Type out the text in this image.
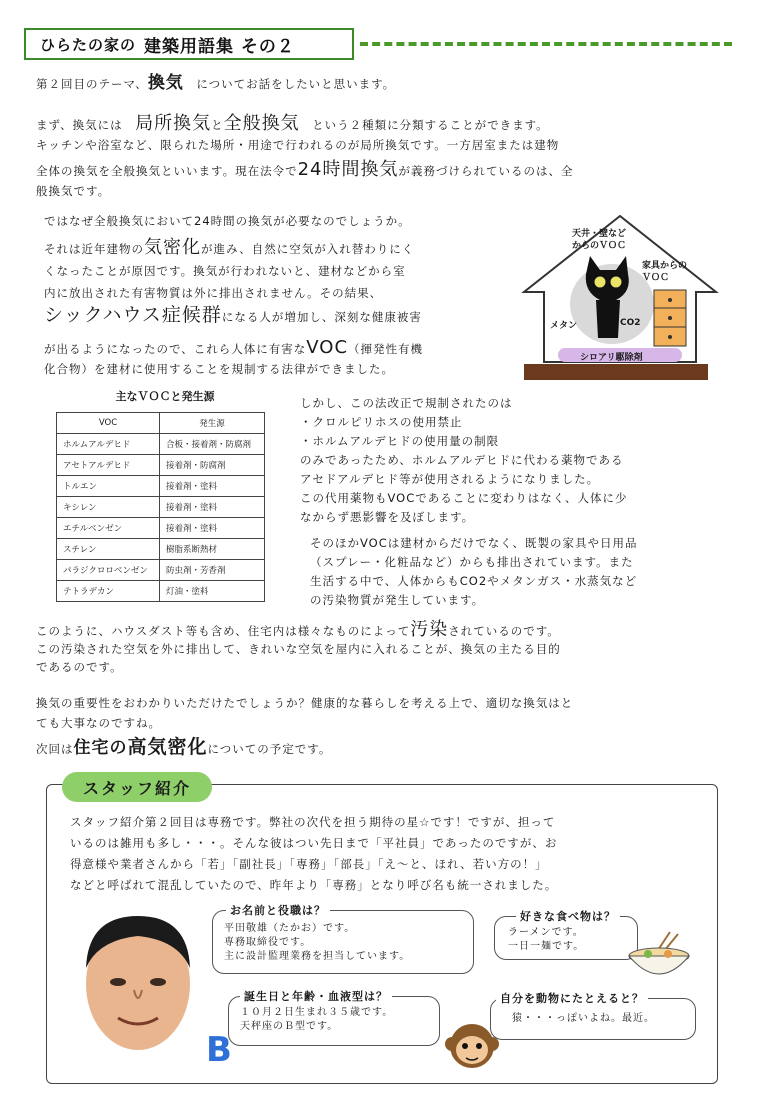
ひらたの家の 建築用語集 その２

第２回目のテーマ、換気　 についてお話をしたいと思います。

まず、換気には　 局所換気と全般換気　 という２種類に分類することができます。

キッチンや浴室など、限られた場所・用途で行われるのが局所換気です。一方居室または建物

全体の換気を全般換気といいます。現在法令で24時間換気が義務づけられているのは、全

般換気です。

ではなぜ全般換気において24時間の換気が必要なのでしょうか。

それは近年建物の気密化が進み、自然に空気が入れ替わりにく

くなったことが原因です。換気が行われないと、建材などから室

内に放出された有害物質は外に排出されません。その結果、

シックハウス症候群になる人が増加し、深刻な健康被害

が出るようになったので、これら人体に有害なVOC（揮発性有機

化合物）を建材に使用することを規制する法律ができました。

天井・壁など
からのＶＯＣ
家具からの
ＶＯＣ
メタン	CO2
シロアリ駆除剤
主なＶＯＣと発生源
VOC	発生源
ホルムアルデヒド	合板・接着剤・防腐剤
アセトアルデヒド	接着剤・防腐剤
トルエン	接着剤・塗料
キシレン	接着剤・塗料
エチルベンゼン	接着剤・塗料
スチレン	樹脂系断熱材
パラジクロロベンゼン	防虫剤・芳香剤
テトラデカン	灯油・塗料

しかし、この法改正で規制されたのは

・クロルピリホスの使用禁止

・ホルムアルデヒドの使用量の制限

のみであったため、ホルムアルデヒドに代わる薬物である

アセドアルデヒド等が使用されるようになりました。

この代用薬物もVOCであることに変わりはなく、人体に少

なからず悪影響を及ぼします。

そのほかVOCは建材からだけでなく、既製の家具や日用品

（スプレー・化粧品など）からも排出されています。また

生活する中で、人体からもCO2やメタンガス・水蒸気など

の汚染物質が発生しています。

このように、ハウスダスト等も含め、住宅内は様々なものによって汚染されているのです。

この汚染された空気を外に排出して、きれいな空気を屋内に入れることが、換気の主たる目的

であるのです。

換気の重要性をおわかりいただけたでしょうか？健康的な暮らしを考える上で、適切な換気はと

ても大事なのですね。

次回は住宅の高気密化についての予定です。

スタッフ紹介

スタッフ紹介第２回目は専務です。弊社の次代を担う期待の星☆です！ですが、担って

いるのは雑用も多し・・・。そんな彼はつい先日まで「平社員」であったのですが、お

得意様や業者さんから「若」「副社長」「専務」「部長」「え～と、ほれ、若い方の！」

などと呼ばれて混乱していたので、昨年より「専務」となり呼び名も統一されました。

お名前と役職は？
平田敬雄（たかお）です。
専務取締役です。
主に設計監理業務を担当しています。
好きな食べ物は？
ラーメンです。
一日一麺です。
誕生日と年齢・血液型は？
１０月２日生まれ３５歳です。
天秤座のＢ型です。
B
自分を動物にたとえると？
猿・・・っぽいよね。最近。
